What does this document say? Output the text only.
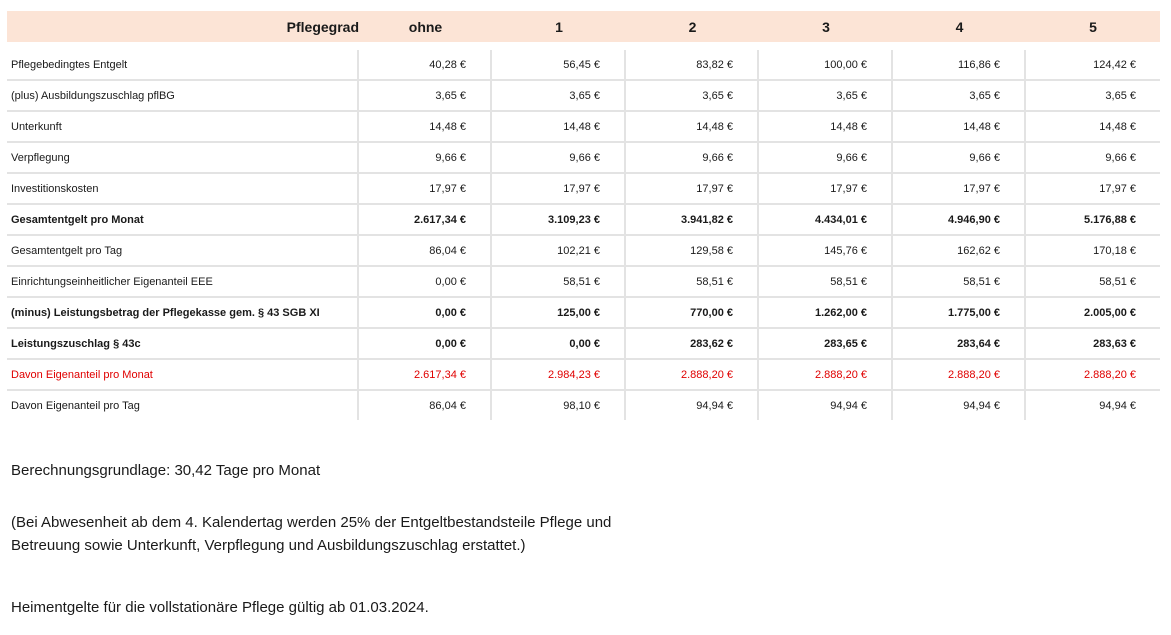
Pflegegrad	ohne	1	2	3	4	5

Pflegebedingtes Entgelt	40,28 €	56,45 €	83,82 €	100,00 €	116,86 €	124,42 €
(plus) Ausbildungszuschlag pflBG	3,65 €	3,65 €	3,65 €	3,65 €	3,65 €	3,65 €
Unterkunft	14,48 €	14,48 €	14,48 €	14,48 €	14,48 €	14,48 €
Verpflegung	9,66 €	9,66 €	9,66 €	9,66 €	9,66 €	9,66 €
Investitionskosten	17,97 €	17,97 €	17,97 €	17,97 €	17,97 €	17,97 €
Gesamtentgelt pro Monat	2.617,34 €	3.109,23 €	3.941,82 €	4.434,01 €	4.946,90 €	5.176,88 €
Gesamtentgelt pro Tag	86,04 €	102,21 €	129,58 €	145,76 €	162,62 €	170,18 €
Einrichtungseinheitlicher Eigenanteil EEE	0,00 €	58,51 €	58,51 €	58,51 €	58,51 €	58,51 €
(minus) Leistungsbetrag der Pflegekasse gem. § 43 SGB XI	0,00 €	125,00 €	770,00 €	1.262,00 €	1.775,00 €	2.005,00 €
Leistungszuschlag § 43c	0,00 €	0,00 €	283,62 €	283,65 €	283,64 €	283,63 €
Davon Eigenanteil pro Monat	2.617,34 €	2.984,23 €	2.888,20 €	2.888,20 €	2.888,20 €	2.888,20 €
Davon Eigenanteil pro Tag	86,04 €	98,10 €	94,94 €	94,94 €	94,94 €	94,94 €
Berechnungsgrundlage: 30,42 Tage pro Monat
(Bei Abwesenheit ab dem 4. Kalendertag werden 25% der Entgeltbestandsteile Pflege und
Betreuung sowie Unterkunft, Verpflegung und Ausbildungszuschlag erstattet.)
Heimentgelte für die vollstationäre Pflege gültig ab 01.03.2024.
